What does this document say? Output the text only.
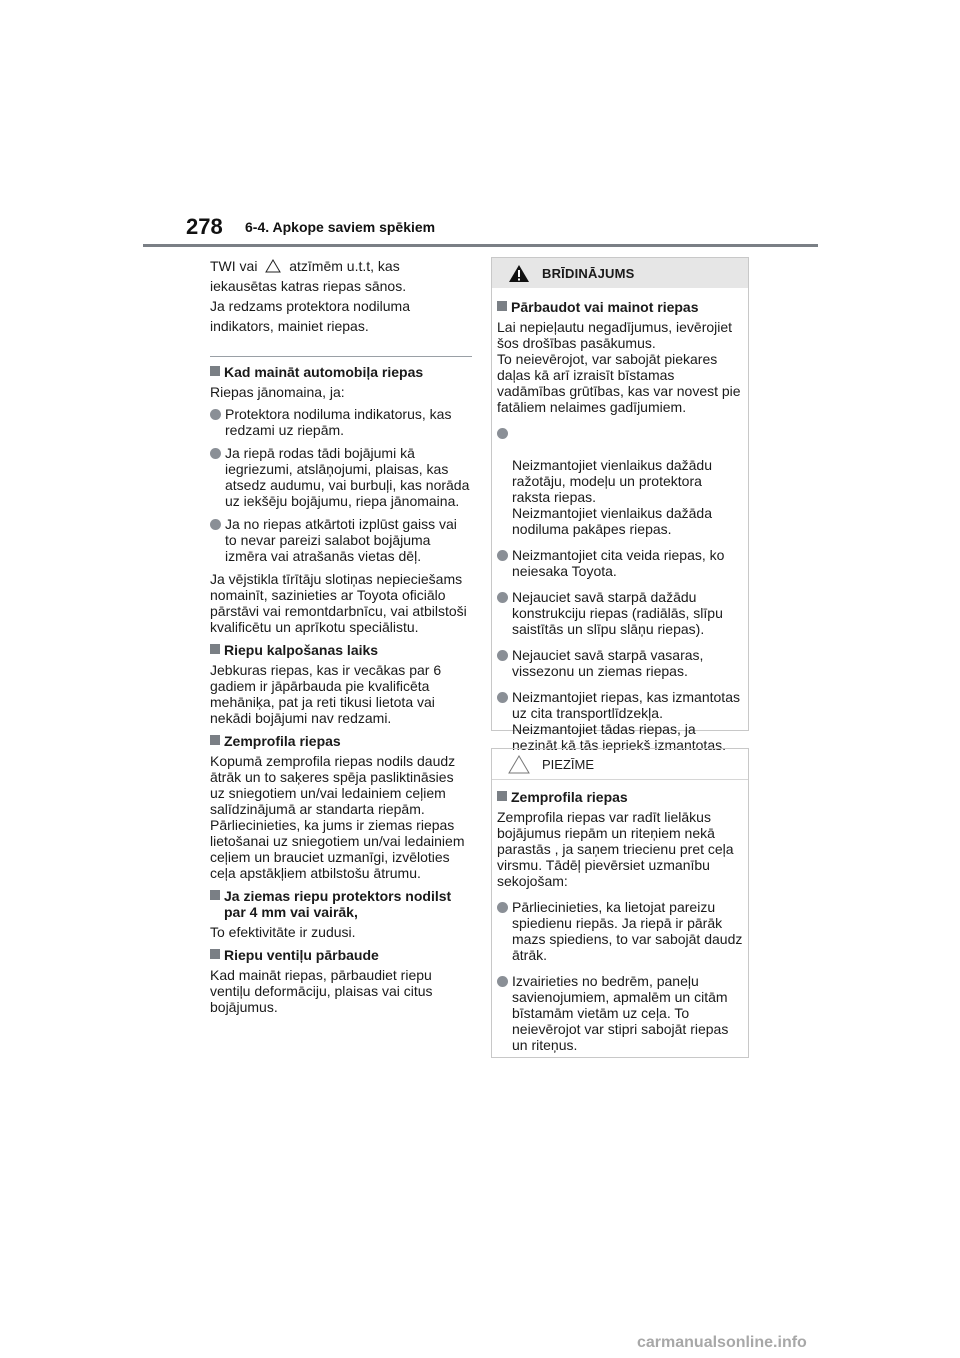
278 6-4. Apkope saviem spēkiem

TWI vai atzīmēm u.t.t, kas

iekausētas katras riepas sānos.

Ja redzams protektora nodiluma

indikators, mainiet riepas.

Kad maināt automobiļa riepas

Riepas jānomaina, ja:

Protektora nodiluma indikatorus, kas redzami uz riepām.
Ja riepā rodas tādi bojājumi kā iegriezumi, atslāņojumi, plaisas, kas atsedz audumu, vai burbuļi, kas norāda uz iekšēju bojājumu, riepa jānomaina.
Ja no riepas atkārtoti izplūst gaiss vai to nevar pareizi salabot bojājuma izmēra vai atrašanās vietas dēļ.

Ja vējstikla tīrītāju slotiņas nepieciešams nomainīt, sazinieties ar Toyota oficiālo pārstāvi vai remontdarbnīcu, vai atbilstoši kvalificētu un aprīkotu speciālistu.

Riepu kalpošanas laiks

Jebkuras riepas, kas ir vecākas par 6 gadiem ir jāpārbauda pie kvalificēta mehāniķa, pat ja reti tikusi lietota vai nekādi bojājumi nav redzami.

Zemprofila riepas

Kopumā zemprofila riepas nodils daudz ātrāk un to saķeres spēja pasliktināsies uz sniegotiem un/vai ledainiem ceļiem salīdzinājumā ar standarta riepām. Pārliecinieties, ka jums ir ziemas riepas lietošanai uz sniegotiem un/vai ledainiem ceļiem un brauciet uzmanīgi, izvēloties ceļa apstākļiem atbilstošu ātrumu.

Ja ziemas riepu protektors nodilst par 4 mm vai vairāk,

To efektivitāte ir zudusi.

Riepu ventiļu pārbaude

Kad maināt riepas, pārbaudiet riepu ventiļu deformāciju, plaisas vai citus bojājumus.

BRĪDINĀJUMS
Pārbaudot vai mainot riepas

Lai nepieļautu negadījumus, ievērojiet šos drošības pasākumus.
To neievērojot, var sabojāt piekares daļas kā arī izraisīt bīstamas vadāmības grūtības, kas var novest pie fatāliem nelaimes gadījumiem.

Neizmantojiet vienlaikus dažādu ražotāju, modeļu un protektora raksta riepas.
Neizmantojiet vienlaikus dažāda nodiluma pakāpes riepas.

Neizmantojiet cita veida riepas, ko neiesaka Toyota.
Nejauciet savā starpā dažādu konstrukciju riepas (radiālās, slīpu saistītās un slīpu slāņu riepas).
Nejauciet savā starpā vasaras, vissezonu un ziemas riepas.
Neizmantojiet riepas, kas izmantotas uz cita transportlīdzekļa. Neizmantojiet tādas riepas, ja nezināt kā tās iepriekš izmantotas.
PIEZĪME
Zemprofila riepas

Zemprofila riepas var radīt lielākus bojājumus riepām un riteņiem nekā parastās , ja saņem triecienu pret ceļa virsmu. Tādēļ pievērsiet uzmanību sekojošam:

Pārliecinieties, ka lietojat pareizu spiedienu riepās. Ja riepā ir pārāk mazs spiediens, to var sabojāt daudz ātrāk.
Izvairieties no bedrēm, paneļu savienojumiem, apmalēm un citām bīstamām vietām uz ceļa. To neievērojot var stipri sabojāt riepas un riteņus.
carmanualsonline.info
